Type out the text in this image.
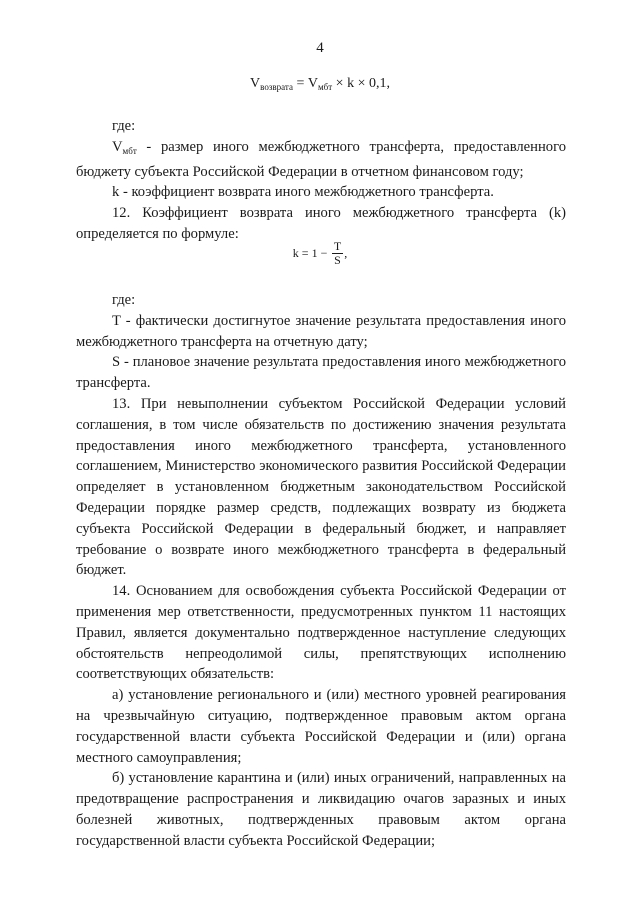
4
$V_{возврата} = V_{мбт} \times k \times 0,1$,

где:

$V_{мбт}$ - размер иного межбюджетного трансферта, предоставленного бюджету субъекта Российской Федерации в отчетном финансовом году;

k - коэффициент возврата иного межбюджетного трансферта.

12. Коэффициент возврата иного межбюджетного трансферта (k) определяется по формуле:

$k = 1 - \frac{T}{S}$ ,

где:

T - фактически достигнутое значение результата предоставления иного межбюджетного трансферта на отчетную дату;

S - плановое значение результата предоставления иного межбюджетного трансферта.

13. При невыполнении субъектом Российской Федерации условий соглашения, в том числе обязательств по достижению значения результата предоставления иного межбюджетного трансферта, установленного соглашением, Министерство экономического развития Российской Федерации определяет в установленном бюджетным законодательством Российской Федерации порядке размер средств, подлежащих возврату из бюджета субъекта Российской Федерации в федеральный бюджет, и направляет требование о возврате иного межбюджетного трансферта в федеральный бюджет.

14. Основанием для освобождения субъекта Российской Федерации от применения мер ответственности, предусмотренных пунктом 11 настоящих Правил, является документально подтвержденное наступление следующих обстоятельств непреодолимой силы, препятствующих исполнению соответствующих обязательств:

а) установление регионального и (или) местного уровней реагирования на чрезвычайную ситуацию, подтвержденное правовым актом органа государственной власти субъекта Российской Федерации и (или) органа местного самоуправления;

б) установление карантина и (или) иных ограничений, направленных на предотвращение распространения и ликвидацию очагов заразных и иных болезней животных, подтвержденных правовым актом органа государственной власти субъекта Российской Федерации;
